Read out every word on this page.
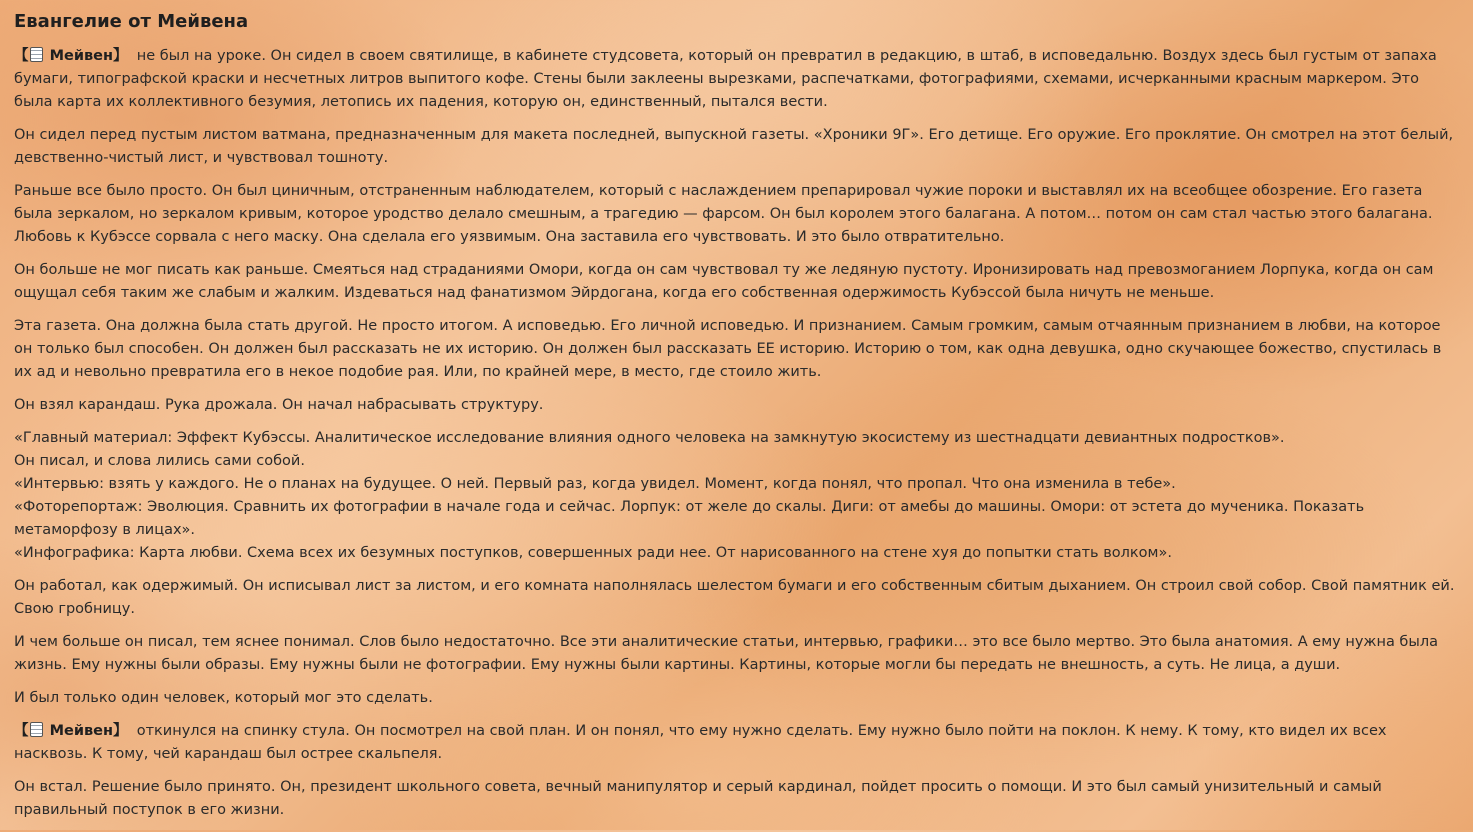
Евангелие от Мейвена

【 Мейвен】 не был на уроке. Он сидел в своем святилище, в кабинете студсовета, который он превратил в редакцию, в штаб, в исповедальню. Воздух здесь был густым от запаха бумаги, типографской краски и несчетных литров выпитого кофе. Стены были заклеены вырезками, распечатками, фотографиями, схемами, исчерканными красным маркером. Это была карта их коллективного безумия, летопись их падения, которую он, единственный, пытался вести.

Он сидел перед пустым листом ватмана, предназначенным для макета последней, выпускной газеты. «Хроники 9Г». Его детище. Его оружие. Его проклятие. Он смотрел на этот белый, девственно-чистый лист, и чувствовал тошноту.

Раньше все было просто. Он был циничным, отстраненным наблюдателем, который с наслаждением препарировал чужие пороки и выставлял их на всеобщее обозрение. Его газета была зеркалом, но зеркалом кривым, которое уродство делало смешным, а трагедию — фарсом. Он был королем этого балагана. А потом… потом он сам стал частью этого балагана. Любовь к Кубэссе сорвала с него маску. Она сделала его уязвимым. Она заставила его чувствовать. И это было отвратительно.

Он больше не мог писать как раньше. Смеяться над страданиями Омори, когда он сам чувствовал ту же ледяную пустоту. Иронизировать над превозмоганием Лорпука, когда он сам ощущал себя таким же слабым и жалким. Издеваться над фанатизмом Эйрдогана, когда его собственная одержимость Кубэссой была ничуть не меньше.

Эта газета. Она должна была стать другой. Не просто итогом. А исповедью. Его личной исповедью. И признанием. Самым громким, самым отчаянным признанием в любви, на которое он только был способен. Он должен был рассказать не их историю. Он должен был рассказать ЕЕ историю. Историю о том, как одна девушка, одно скучающее божество, спустилась в их ад и невольно превратила его в некое подобие рая. Или, по крайней мере, в место, где стоило жить.

Он взял карандаш. Рука дрожала. Он начал набрасывать структуру.

«Главный материал: Эффект Кубэссы. Аналитическое исследование влияния одного человека на замкнутую экосистему из шестнадцати девиантных подростков».
Он писал, и слова лились сами собой.
«Интервью: взять у каждого. Не о планах на будущее. О ней. Первый раз, когда увидел. Момент, когда понял, что пропал. Что она изменила в тебе».
«Фоторепортаж: Эволюция. Сравнить их фотографии в начале года и сейчас. Лорпук: от желе до скалы. Диги: от амебы до машины. Омори: от эстета до мученика. Показать метаморфозу в лицах».
«Инфографика: Карта любви. Схема всех их безумных поступков, совершенных ради нее. От нарисованного на стене хуя до попытки стать волком».

Он работал, как одержимый. Он исписывал лист за листом, и его комната наполнялась шелестом бумаги и его собственным сбитым дыханием. Он строил свой собор. Свой памятник ей. Свою гробницу.

И чем больше он писал, тем яснее понимал. Слов было недостаточно. Все эти аналитические статьи, интервью, графики… это все было мертво. Это была анатомия. А ему нужна была жизнь. Ему нужны были образы. Ему нужны были не фотографии. Ему нужны были картины. Картины, которые могли бы передать не внешность, а суть. Не лица, а души.

И был только один человек, который мог это сделать.

【 Мейвен】 откинулся на спинку стула. Он посмотрел на свой план. И он понял, что ему нужно сделать. Ему нужно было пойти на поклон. К нему. К тому, кто видел их всех насквозь. К тому, чей карандаш был острее скальпеля.

Он встал. Решение было принято. Он, президент школьного совета, вечный манипулятор и серый кардинал, пойдет просить о помощи. И это был самый унизительный и самый правильный поступок в его жизни.
